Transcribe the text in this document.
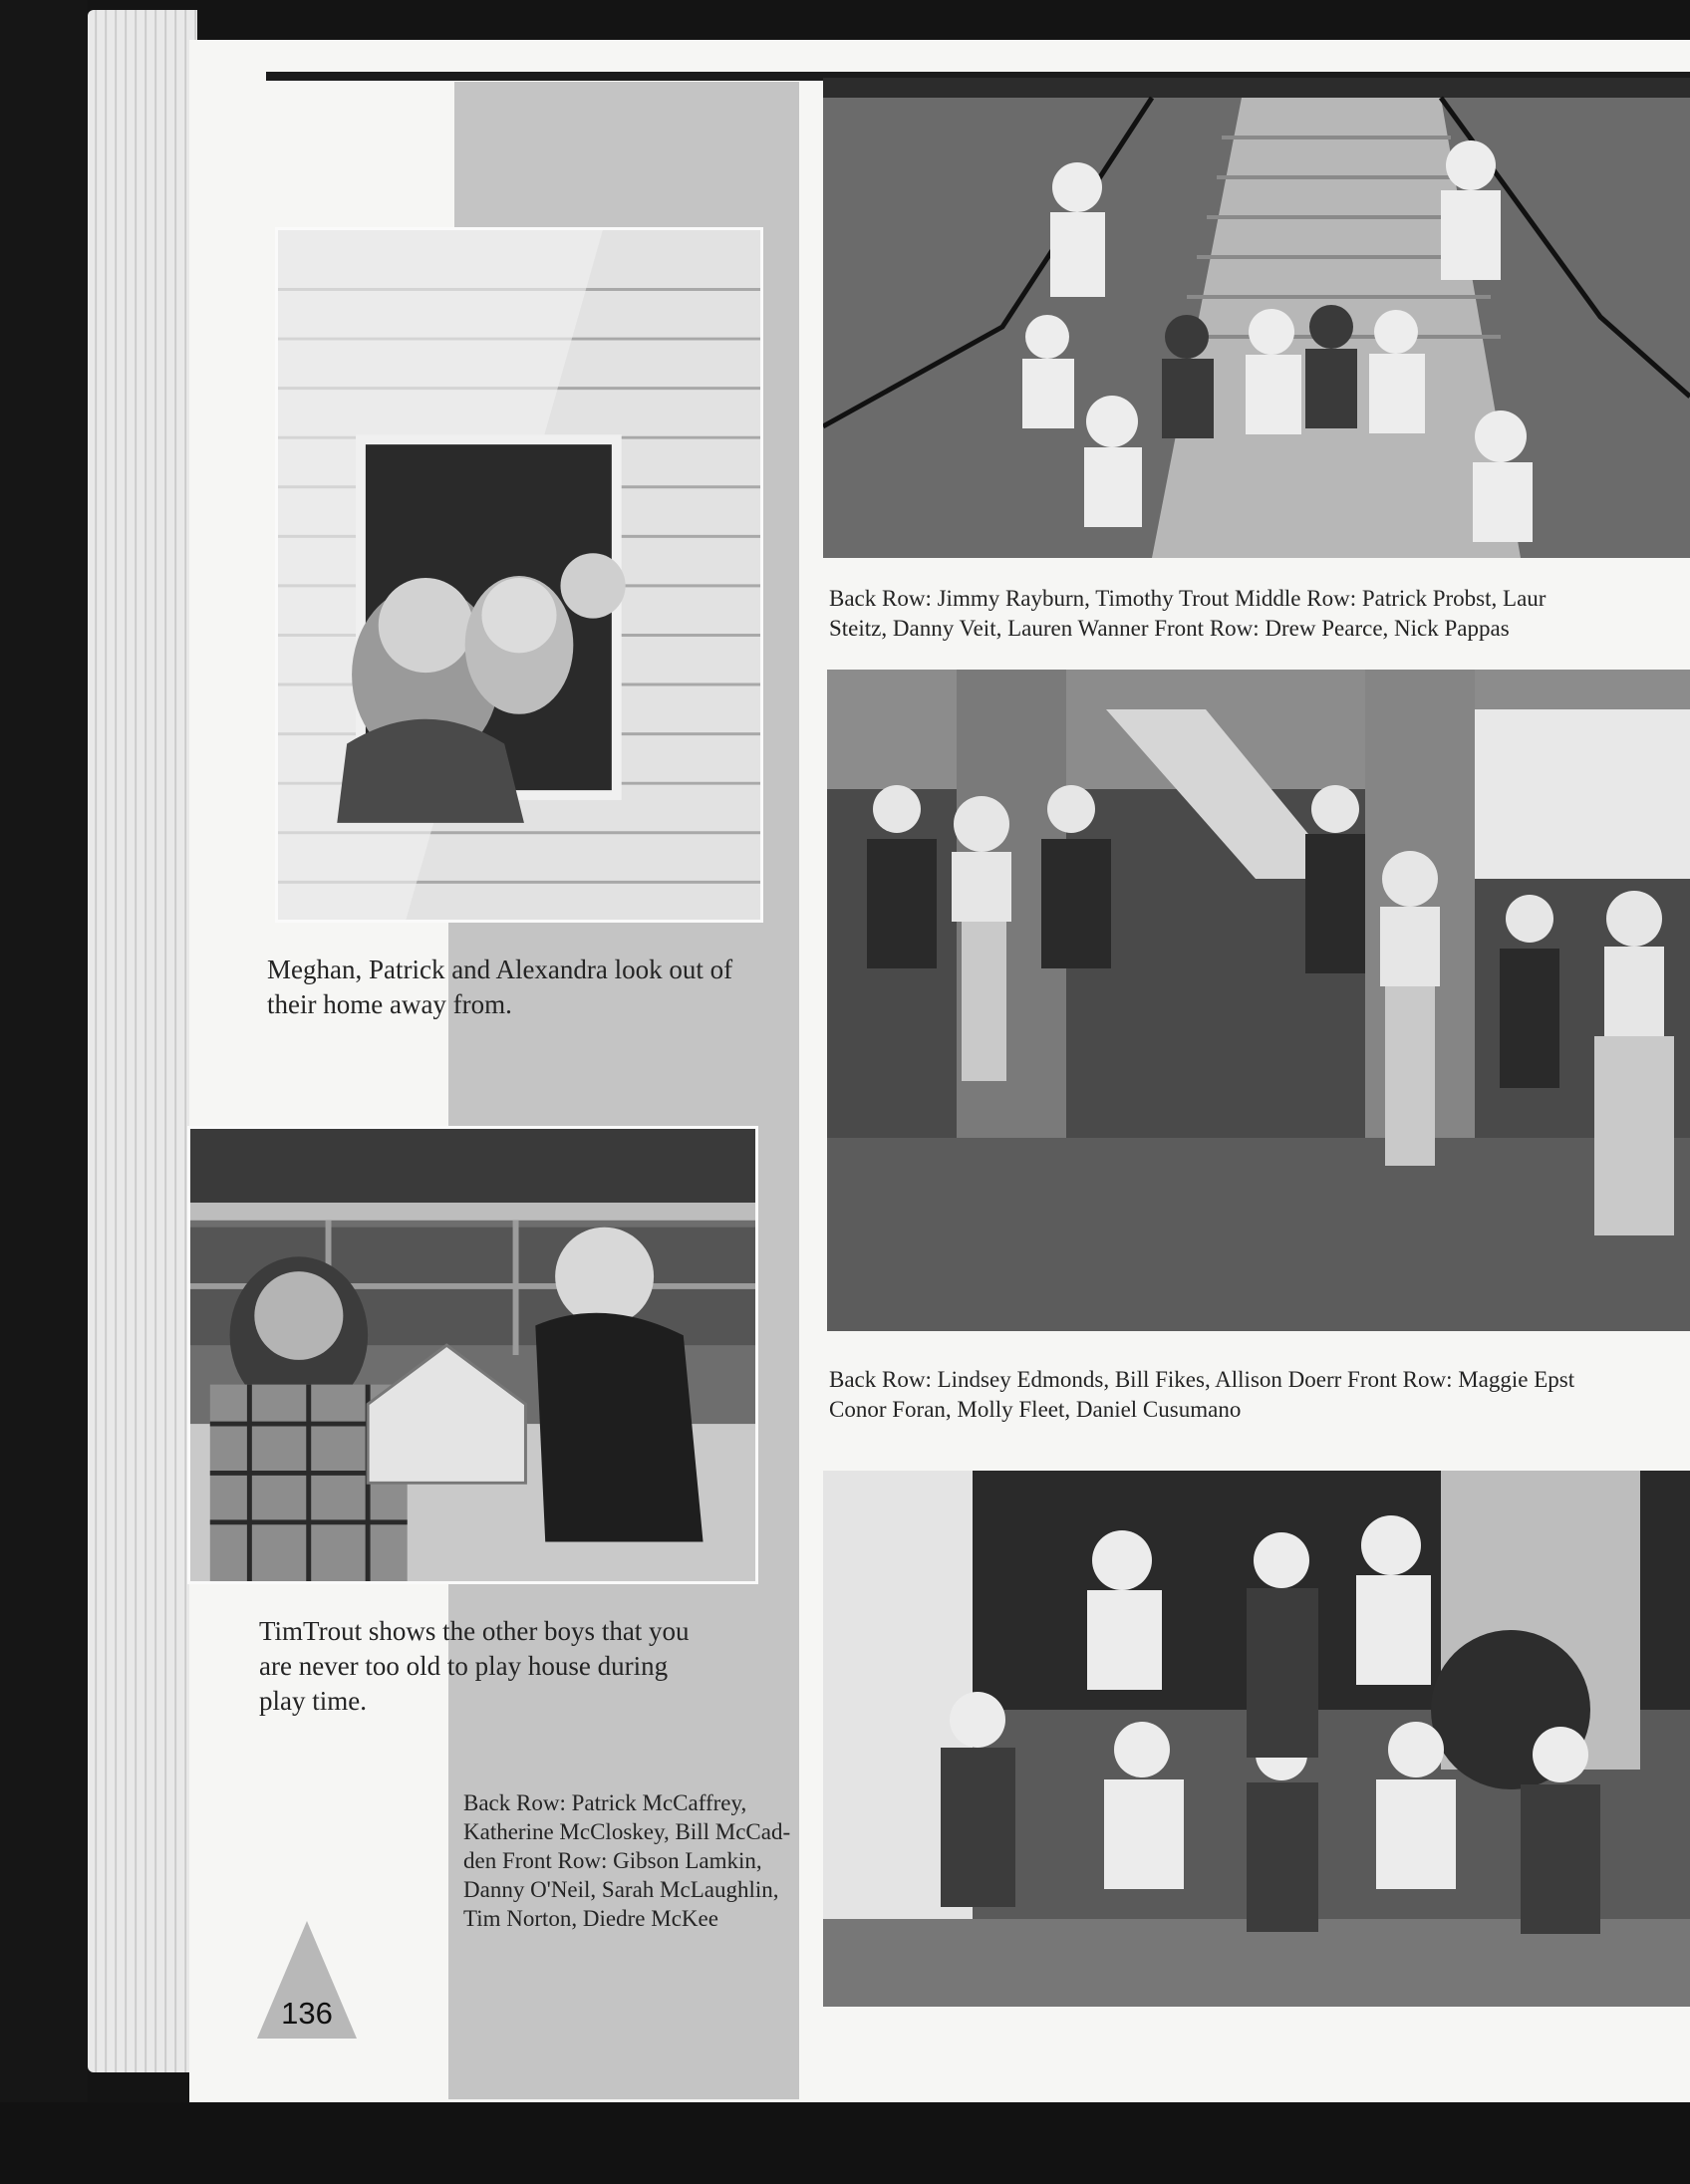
Meghan, Patrick and Alexandra look out of their home away from.

TimTrout shows the other boys that you are never too old to play house during play time.

Back Row: Patrick McCaffrey, Katherine McCloskey, Bill McCad-den Front Row: Gibson Lamkin, Danny O'Neil, Sarah McLaughlin, Tim Norton, Diedre McKee

Back Row: Jimmy Rayburn, Timothy Trout Middle Row: Patrick Probst, Laur
Steitz, Danny Veit, Lauren Wanner Front Row: Drew Pearce, Nick Pappas
Back Row: Lindsey Edmonds, Bill Fikes, Allison Doerr Front Row: Maggie Epst
Conor Foran, Molly Fleet, Daniel Cusumano
136
